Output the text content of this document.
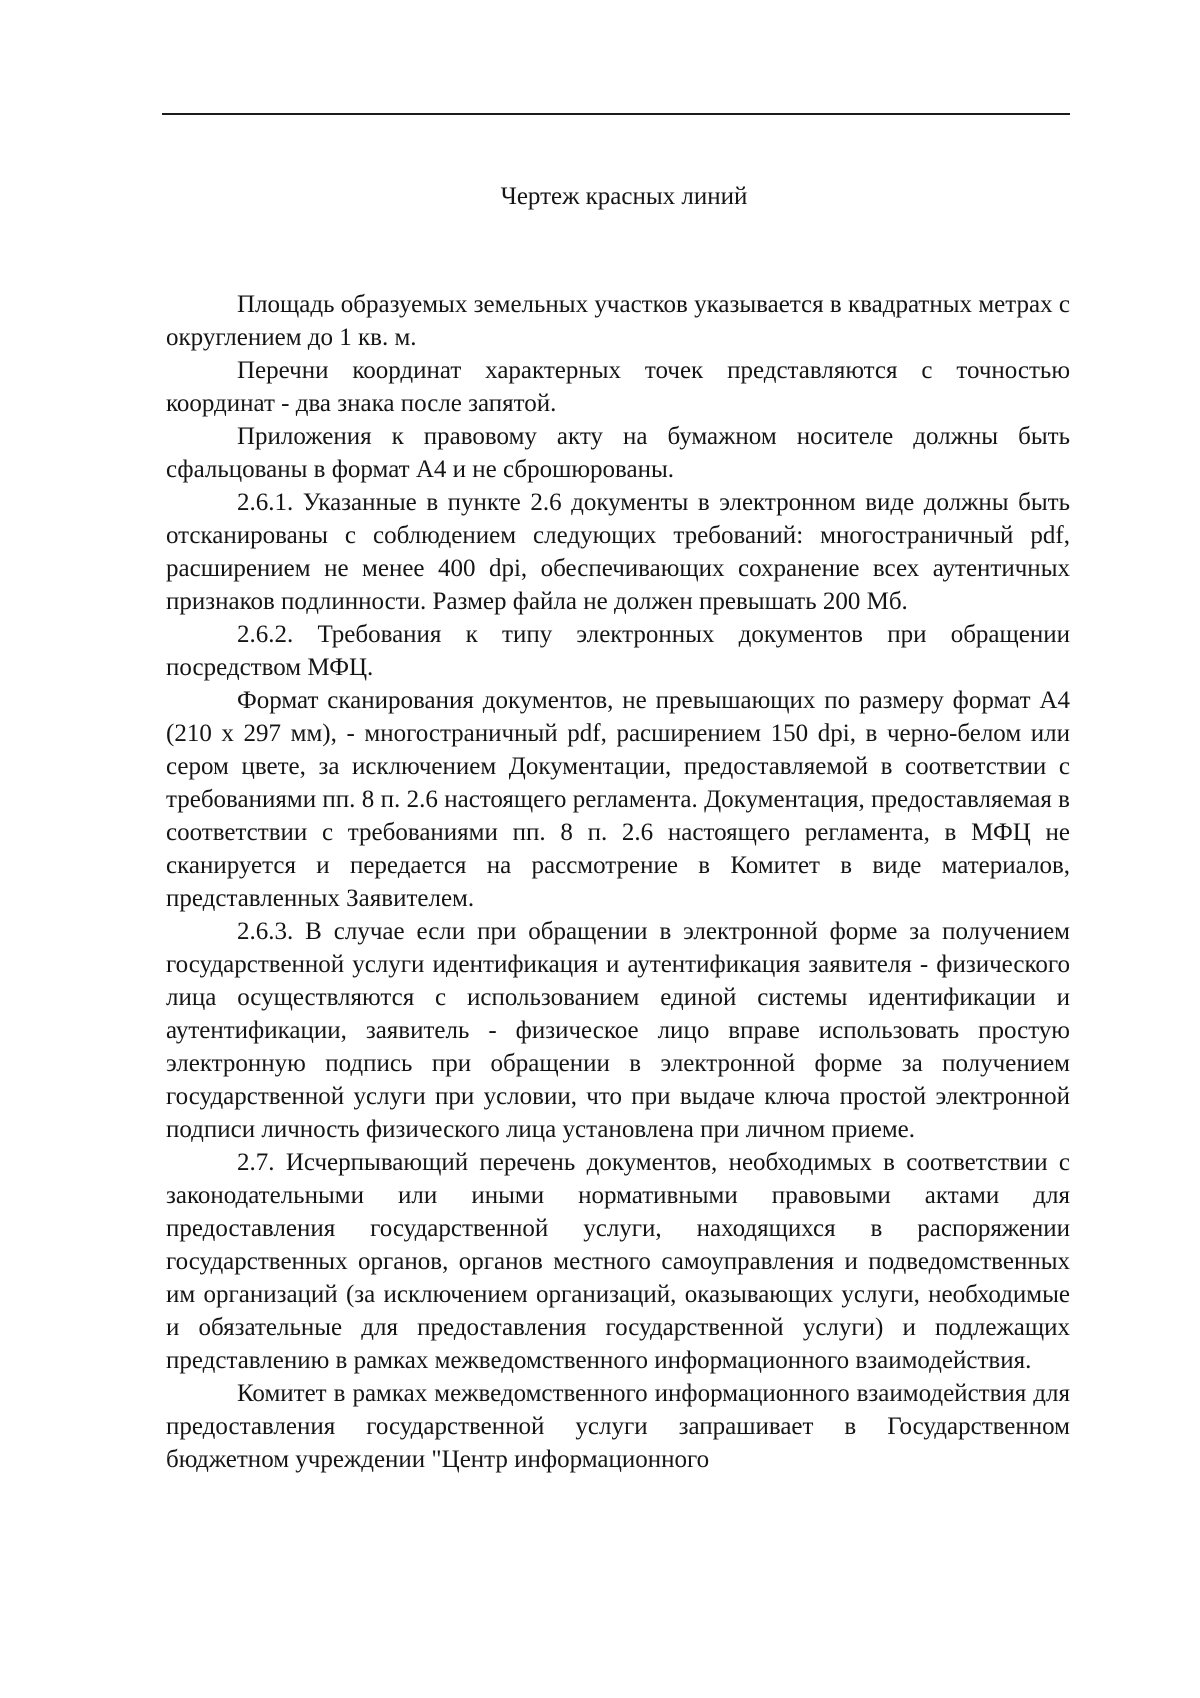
Чертеж красных линий

Площадь образуемых земельных участков указывается в квадратных метрах с округлением до 1 кв. м.

Перечни координат характерных точек представляются с точностью координат - два знака после запятой.

Приложения к правовому акту на бумажном носителе должны быть сфальцованы в формат А4 и не сброшюрованы.

2.6.1. Указанные в пункте 2.6 документы в электронном виде должны быть отсканированы с соблюдением следующих требований: многостраничный pdf, расширением не менее 400 dpi, обеспечивающих сохранение всех аутентичных признаков подлинности. Размер файла не должен превышать 200 Мб.

2.6.2. Требования к типу электронных документов при обращении посредством МФЦ.

Формат сканирования документов, не превышающих по размеру формат А4 (210 х 297 мм), - многостраничный pdf, расширением 150 dpi, в черно-белом или сером цвете, за исключением Документации, предоставляемой в соответствии с требованиями пп. 8 п. 2.6 настоящего регламента. Документация, предоставляемая в соответствии с требованиями пп. 8 п. 2.6 настоящего регламента, в МФЦ не сканируется и передается на рассмотрение в Комитет в виде материалов, представленных Заявителем.

2.6.3. В случае если при обращении в электронной форме за получением государственной услуги идентификация и аутентификация заявителя - физического лица осуществляются с использованием единой системы идентификации и аутентификации, заявитель - физическое лицо вправе использовать простую электронную подпись при обращении в электронной форме за получением государственной услуги при условии, что при выдаче ключа простой электронной подписи личность физического лица установлена при личном приеме.

2.7. Исчерпывающий перечень документов, необходимых в соответствии с законодательными или иными нормативными правовыми актами для предоставления государственной услуги, находящихся в распоряжении государственных органов, органов местного самоуправления и подведомственных им организаций (за исключением организаций, оказывающих услуги, необходимые и обязательные для предоставления государственной услуги) и подлежащих представлению в рамках межведомственного информационного взаимодействия.

Комитет в рамках межведомственного информационного взаимодействия для предоставления государственной услуги запрашивает в Государственном бюджетном учреждении "Центр информационного
